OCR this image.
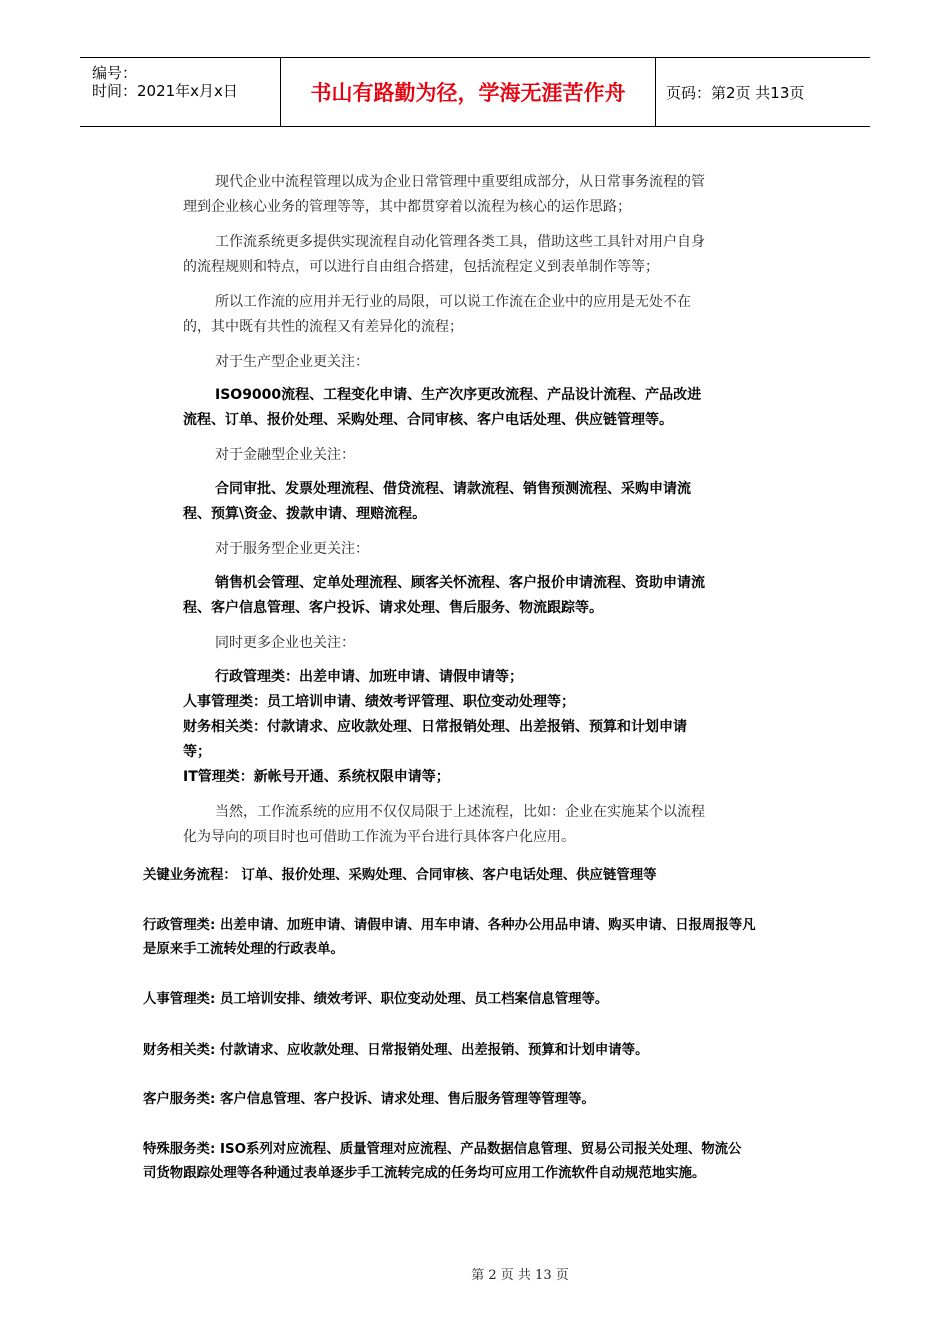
编号：
时间：2021年x月x日	书山有路勤为径，学海无涯苦作舟	页码：第2页 共13页
现代企业中流程管理以成为企业日常管理中重要组成部分，从日常事务流程的管
理到企业核心业务的管理等等，其中都贯穿着以流程为核心的运作思路；
工作流系统更多提供实现流程自动化管理各类工具，借助这些工具针对用户自身
的流程规则和特点，可以进行自由组合搭建，包括流程定义到表单制作等等；
所以工作流的应用并无行业的局限，可以说工作流在企业中的应用是无处不在
的，其中既有共性的流程又有差异化的流程；
对于生产型企业更关注：
ISO9000流程、工程变化申请、生产次序更改流程、产品设计流程、产品改进
流程、订单、报价处理、采购处理、合同审核、客户电话处理、供应链管理等。
对于金融型企业关注：
合同审批、发票处理流程、借贷流程、请款流程、销售预测流程、采购申请流
程、预算\资金、拨款申请、理赔流程。
对于服务型企业更关注：
销售机会管理、定单处理流程、顾客关怀流程、客户报价申请流程、资助申请流
程、客户信息管理、客户投诉、请求处理、售后服务、物流跟踪等。
同时更多企业也关注：
行政管理类：出差申请、加班申请、请假申请等；
人事管理类：员工培训申请、绩效考评管理、职位变动处理等；
财务相关类：付款请求、应收款处理、日常报销处理、出差报销、预算和计划申请
等；
IT管理类：新帐号开通、系统权限申请等；
当然，工作流系统的应用不仅仅局限于上述流程，比如：企业在实施某个以流程
化为导向的项目时也可借助工作流为平台进行具体客户化应用。
关键业务流程： 订单、报价处理、采购处理、合同审核、客户电话处理、供应链管理等
行政管理类: 出差申请、加班申请、请假申请、用车申请、各种办公用品申请、购买申请、日报周报等凡
是原来手工流转处理的行政表单。
人事管理类: 员工培训安排、绩效考评、职位变动处理、员工档案信息管理等。
财务相关类: 付款请求、应收款处理、日常报销处理、出差报销、预算和计划申请等。
客户服务类: 客户信息管理、客户投诉、请求处理、售后服务管理等管理等。
特殊服务类: ISO系列对应流程、质量管理对应流程、产品数据信息管理、贸易公司报关处理、物流公
司货物跟踪处理等各种通过表单逐步手工流转完成的任务均可应用工作流软件自动规范地实施。
第 2 页 共 13 页
